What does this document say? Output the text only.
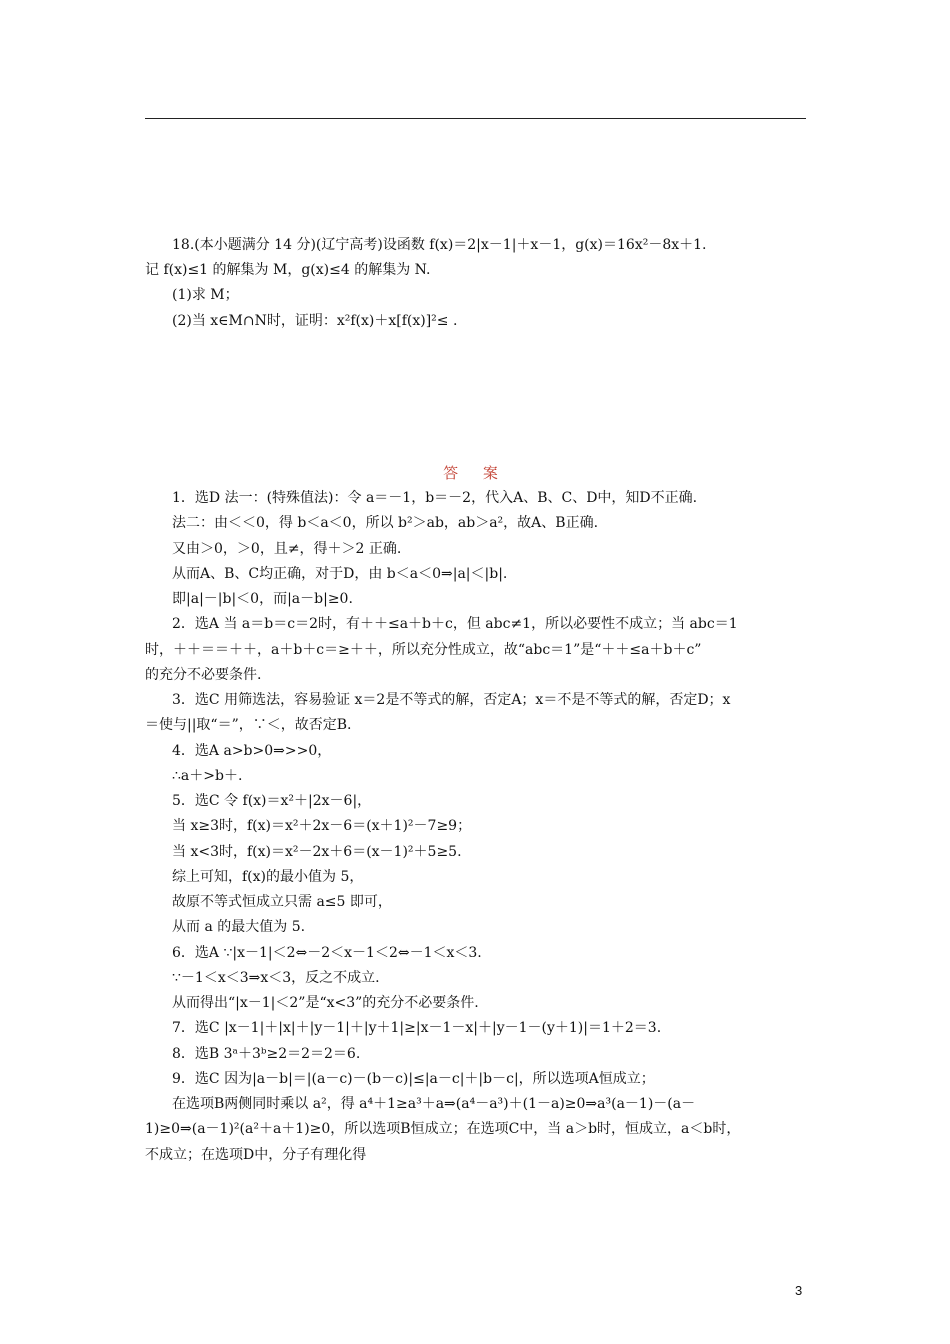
18.(本小题满分 14 分)(辽宁高考)设函数 f(x)＝2|x－1|＋x－1，g(x)＝16x²－8x＋1.
记 f(x)≤1 的解集为 M，g(x)≤4 的解集为 N.
(1)求 M；
(2)当 x∈M∩N时，证明：x²f(x)＋x[f(x)]²≤ .
答 案
1．选D 法一：(特殊值法)：令 a＝－1，b＝－2，代入A、B、C、D中，知D不正确.
法二：由＜＜0，得 b＜a＜0，所以 b²＞ab，ab＞a²，故A、B正确.
又由＞0，＞0，且≠，得＋＞2 正确.
从而A、B、C均正确，对于D，由 b＜a＜0⇒|a|＜|b|.
即|a|－|b|＜0，而|a－b|≥0.
2．选A 当 a＝b＝c＝2时，有＋＋≤a＋b＋c，但 abc≠1，所以必要性不成立；当 abc＝1
时，＋＋＝＝＋＋，a＋b＋c＝≥＋＋，所以充分性成立，故“abc＝1”是“＋＋≤a＋b＋c”
的充分不必要条件.
3．选C 用筛选法，容易验证 x＝2是不等式的解，否定A；x＝不是不等式的解，否定D；x
＝使与||取“＝”，∵＜，故否定B.
4．选A a>b>0⇒>>0，
∴a＋>b＋.
5．选C 令 f(x)＝x²＋|2x－6|，
当 x≥3时，f(x)＝x²＋2x－6＝(x＋1)²－7≥9；
当 x<3时，f(x)＝x²－2x＋6＝(x－1)²＋5≥5.
综上可知，f(x)的最小值为 5，
故原不等式恒成立只需 a≤5 即可，
从而 a 的最大值为 5.
6．选A ∵|x－1|＜2⇔－2＜x－1＜2⇔－1＜x＜3.
∵－1＜x＜3⇒x＜3，反之不成立.
从而得出“|x－1|＜2”是“x<3”的充分不必要条件.
7．选C |x－1|＋|x|＋|y－1|＋|y＋1|≥|x－1－x|＋|y－1－(y＋1)|＝1＋2＝3.
8．选B 3ᵃ＋3ᵇ≥2＝2＝2＝6.
9．选C 因为|a－b|＝|(a－c)－(b－c)|≤|a－c|＋|b－c|，所以选项A恒成立；
在选项B两侧同时乘以 a²，得 a⁴＋1≥a³＋a⇒(a⁴－a³)＋(1－a)≥0⇒a³(a－1)－(a－
1)≥0⇒(a－1)²(a²＋a＋1)≥0，所以选项B恒成立；在选项C中，当 a＞b时，恒成立，a＜b时，
不成立；在选项D中，分子有理化得
3
